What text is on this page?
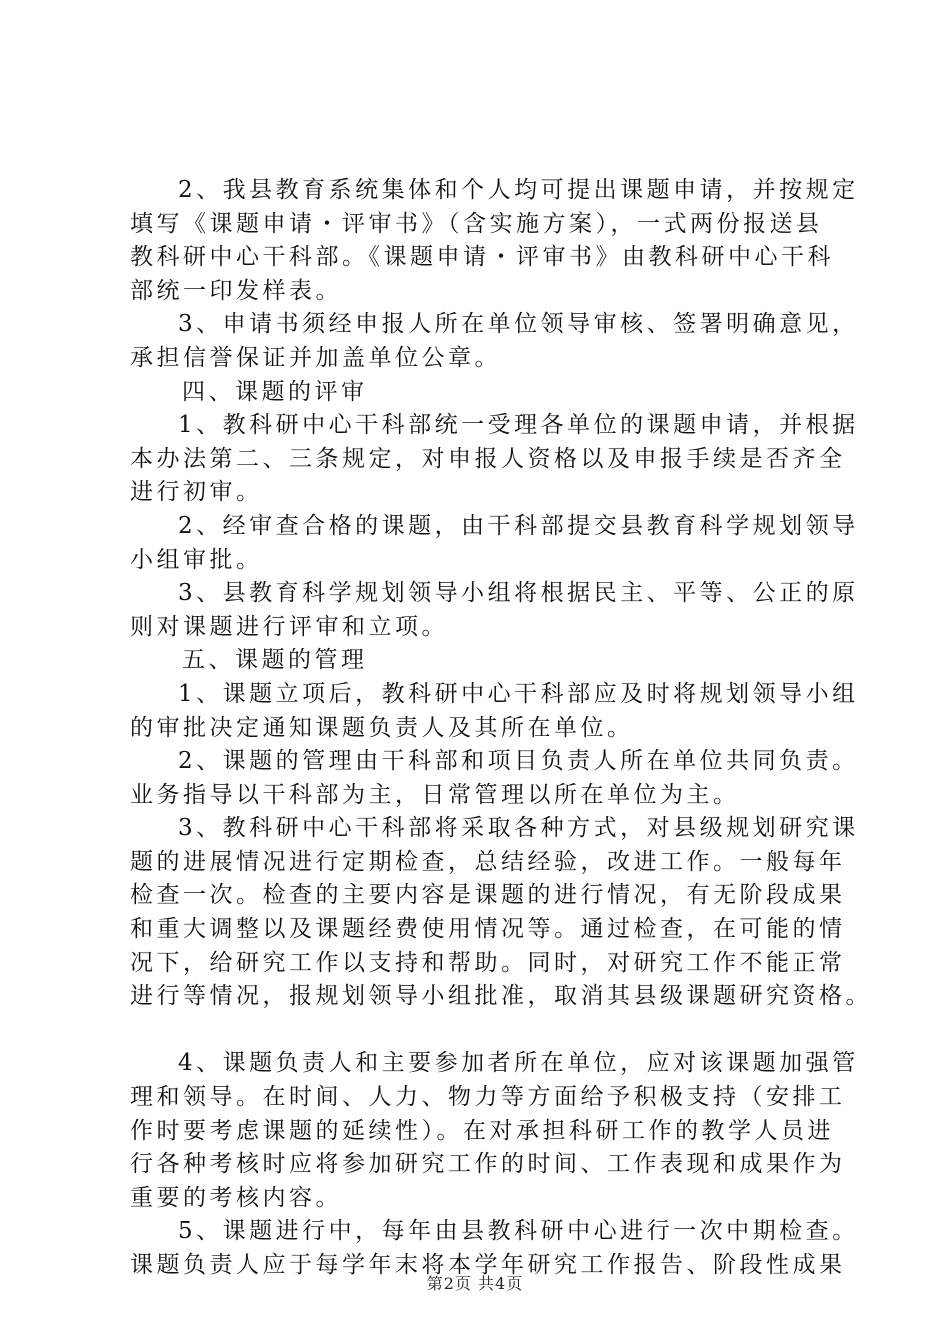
2、我县教育系统集体和个人均可提出课题申请，并按规定
填写《课题申请・评审书》（含实施方案），一式两份报送县
教科研中心干科部。《课题申请・评审书》由教科研中心干科
部统一印发样表。
3、申请书须经申报人所在单位领导审核、签署明确意见，
承担信誉保证并加盖单位公章。
四、课题的评审
1、教科研中心干科部统一受理各单位的课题申请，并根据
本办法第二、三条规定，对申报人资格以及申报手续是否齐全
进行初审。
2、经审查合格的课题，由干科部提交县教育科学规划领导
小组审批。
3、县教育科学规划领导小组将根据民主、平等、公正的原
则对课题进行评审和立项。
五、课题的管理
1、课题立项后，教科研中心干科部应及时将规划领导小组
的审批决定通知课题负责人及其所在单位。
2、课题的管理由干科部和项目负责人所在单位共同负责。
业务指导以干科部为主，日常管理以所在单位为主。
3、教科研中心干科部将采取各种方式，对县级规划研究课
题的进展情况进行定期检查，总结经验，改进工作。一般每年
检查一次。检查的主要内容是课题的进行情况，有无阶段成果
和重大调整以及课题经费使用情况等。通过检查，在可能的情
况下，给研究工作以支持和帮助。同时，对研究工作不能正常
进行等情况，报规划领导小组批准，取消其县级课题研究资格。
4、课题负责人和主要参加者所在单位，应对该课题加强管
理和领导。在时间、人力、物力等方面给予积极支持（安排工
作时要考虑课题的延续性）。在对承担科研工作的教学人员进
行各种考核时应将参加研究工作的时间、工作表现和成果作为
重要的考核内容。
5、课题进行中，每年由县教科研中心进行一次中期检查。
课题负责人应于每学年末将本学年研究工作报告、阶段性成果
第2页 共4页
